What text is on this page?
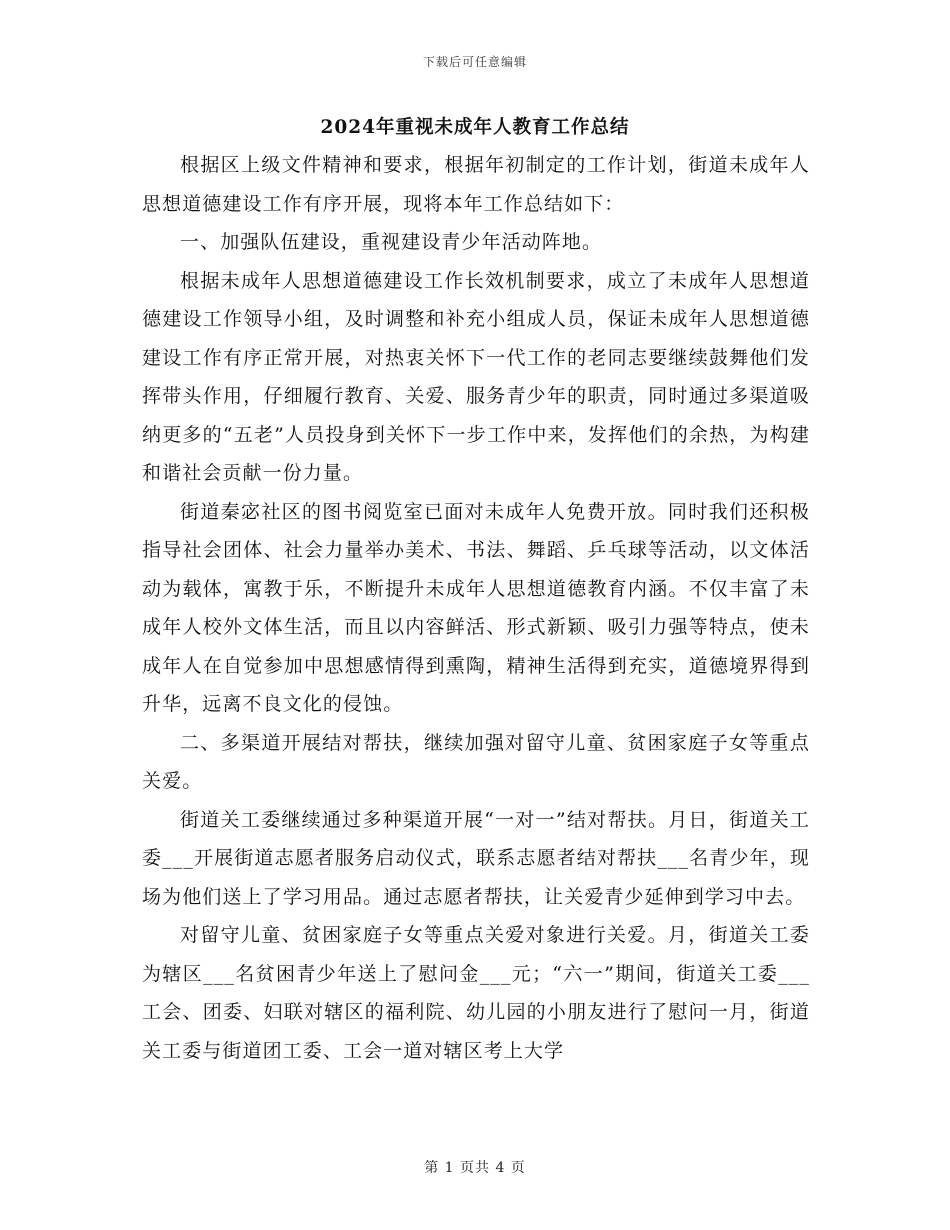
下载后可任意编辑
2024年重视未成年人教育工作总结

根据区上级文件精神和要求，根据年初制定的工作计划，街道未成年人思想道德建设工作有序开展，现将本年工作总结如下：

一、加强队伍建设，重视建设青少年活动阵地。

根据未成年人思想道德建设工作长效机制要求，成立了未成年人思想道德建设工作领导小组，及时调整和补充小组成人员，保证未成年人思想道德建设工作有序正常开展，对热衷关怀下一代工作的老同志要继续鼓舞他们发挥带头作用，仔细履行教育、关爱、服务青少年的职责，同时通过多渠道吸纳更多的“五老”人员投身到关怀下一步工作中来，发挥他们的余热，为构建和谐社会贡献一份力量。

街道秦宓社区的图书阅览室已面对未成年人免费开放。同时我们还积极指导社会团体、社会力量举办美术、书法、舞蹈、乒乓球等活动，以文体活动为载体，寓教于乐，不断提升未成年人思想道德教育内涵。不仅丰富了未成年人校外文体生活，而且以内容鲜活、形式新颖、吸引力强等特点，使未成年人在自觉参加中思想感情得到熏陶，精神生活得到充实，道德境界得到升华，远离不良文化的侵蚀。

二、多渠道开展结对帮扶，继续加强对留守儿童、贫困家庭子女等重点关爱。

街道关工委继续通过多种渠道开展“一对一”结对帮扶。月日，街道关工委___开展街道志愿者服务启动仪式，联系志愿者结对帮扶___名青少年，现场为他们送上了学习用品。通过志愿者帮扶，让关爱青少延伸到学习中去。

对留守儿童、贫困家庭子女等重点关爱对象进行关爱。月，街道关工委为辖区___名贫困青少年送上了慰问金___元；“六一”期间，街道关工委___工会、团委、妇联对辖区的福利院、幼儿园的小朋友进行了慰问一月，街道关工委与街道团工委、工会一道对辖区考上大学

第 1 页共 4 页
